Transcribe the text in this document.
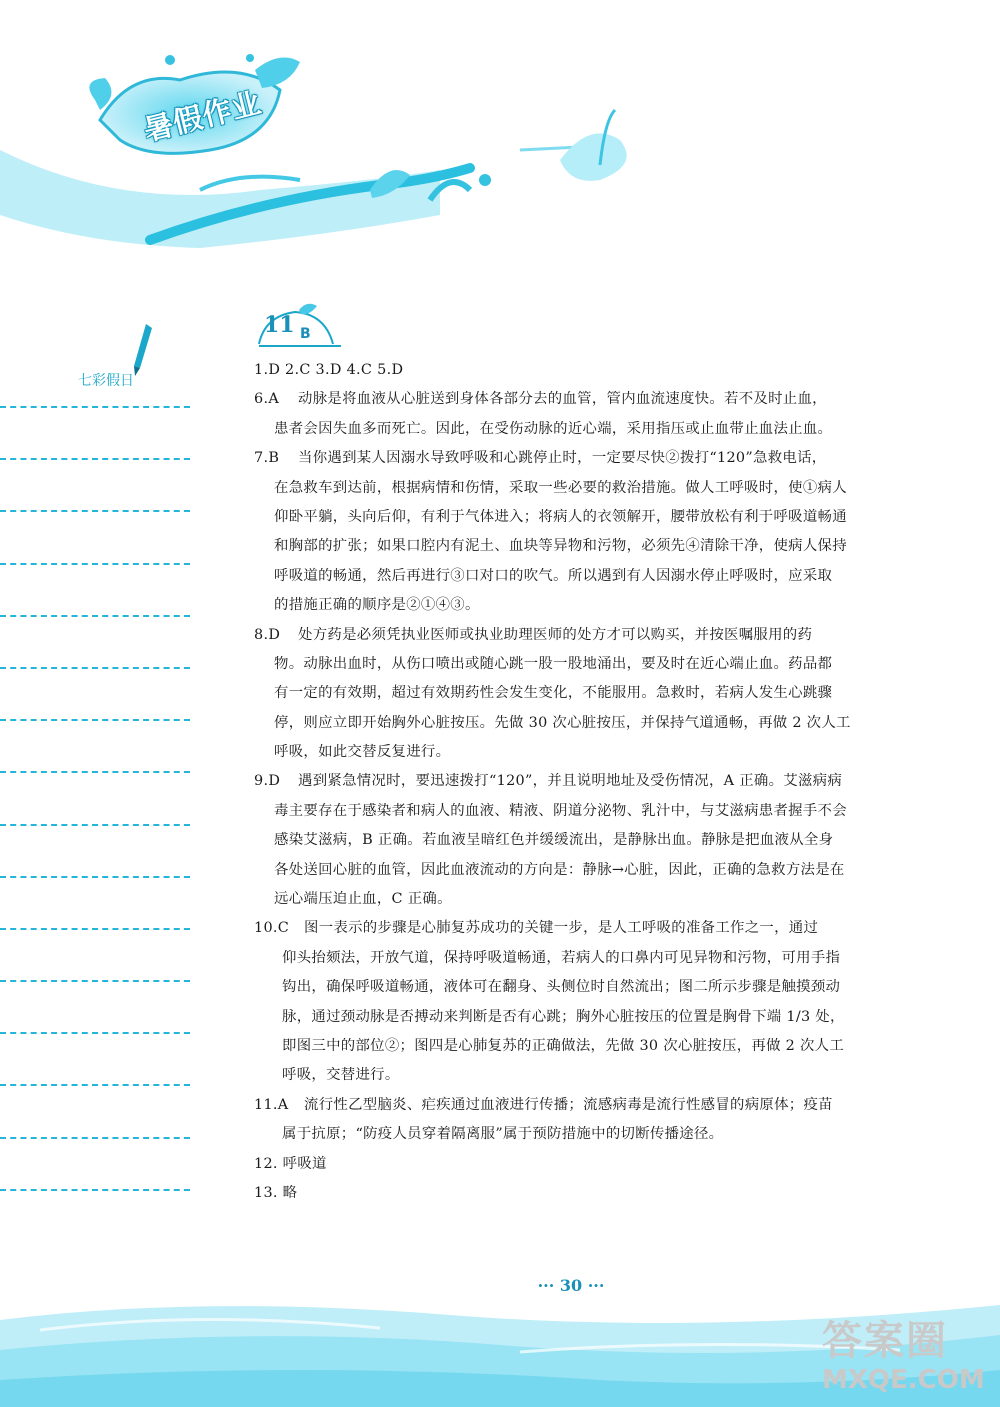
暑假作业
七彩假日
11 B
1.D 2.C 3.D 4.C 5.D
6.A	动脉是将血液从心脏送到身体各部分去的血管，管内血流速度快。若不及时止血，
患者会因失血多而死亡。因此，在受伤动脉的近心端，采用指压或止血带止血法止血。
7.B	当你遇到某人因溺水导致呼吸和心跳停止时，一定要尽快②拨打“120”急救电话，
在急救车到达前，根据病情和伤情，采取一些必要的救治措施。做人工呼吸时，使①病人
仰卧平躺，头向后仰，有利于气体进入；将病人的衣领解开，腰带放松有利于呼吸道畅通
和胸部的扩张；如果口腔内有泥土、血块等异物和污物，必须先④清除干净，使病人保持
呼吸道的畅通，然后再进行③口对口的吹气。所以遇到有人因溺水停止呼吸时，应采取
的措施正确的顺序是②①④③。
8.D	处方药是必须凭执业医师或执业助理医师的处方才可以购买，并按医嘱服用的药
物。动脉出血时，从伤口喷出或随心跳一股一股地涌出，要及时在近心端止血。药品都
有一定的有效期，超过有效期药性会发生变化，不能服用。急救时，若病人发生心跳骤
停，则应立即开始胸外心脏按压。先做 30 次心脏按压，并保持气道通畅，再做 2 次人工
呼吸，如此交替反复进行。
9.D	遇到紧急情况时，要迅速拨打“120”，并且说明地址及受伤情况，A 正确。艾滋病病
毒主要存在于感染者和病人的血液、精液、阴道分泌物、乳汁中，与艾滋病患者握手不会
感染艾滋病，B 正确。若血液呈暗红色并缓缓流出，是静脉出血。静脉是把血液从全身
各处送回心脏的血管，因此血液流动的方向是：静脉→心脏，因此，正确的急救方法是在
远心端压迫止血，C 正确。
10.C	图一表示的步骤是心肺复苏成功的关键一步，是人工呼吸的准备工作之一，通过
仰头抬颏法，开放气道，保持呼吸道畅通，若病人的口鼻内可见异物和污物，可用手指
钩出，确保呼吸道畅通，液体可在翻身、头侧位时自然流出；图二所示步骤是触摸颈动
脉，通过颈动脉是否搏动来判断是否有心跳；胸外心脏按压的位置是胸骨下端 1/3 处，
即图三中的部位②；图四是心肺复苏的正确做法，先做 30 次心脏按压，再做 2 次人工
呼吸，交替进行。
11.A	流行性乙型脑炎、疟疾通过血液进行传播；流感病毒是流行性感冒的病原体；疫苗
属于抗原；“防疫人员穿着隔离服”属于预防措施中的切断传播途径。
12. 呼吸道
13. 略
··· 30 ···
答案圈
MXQE.COM
